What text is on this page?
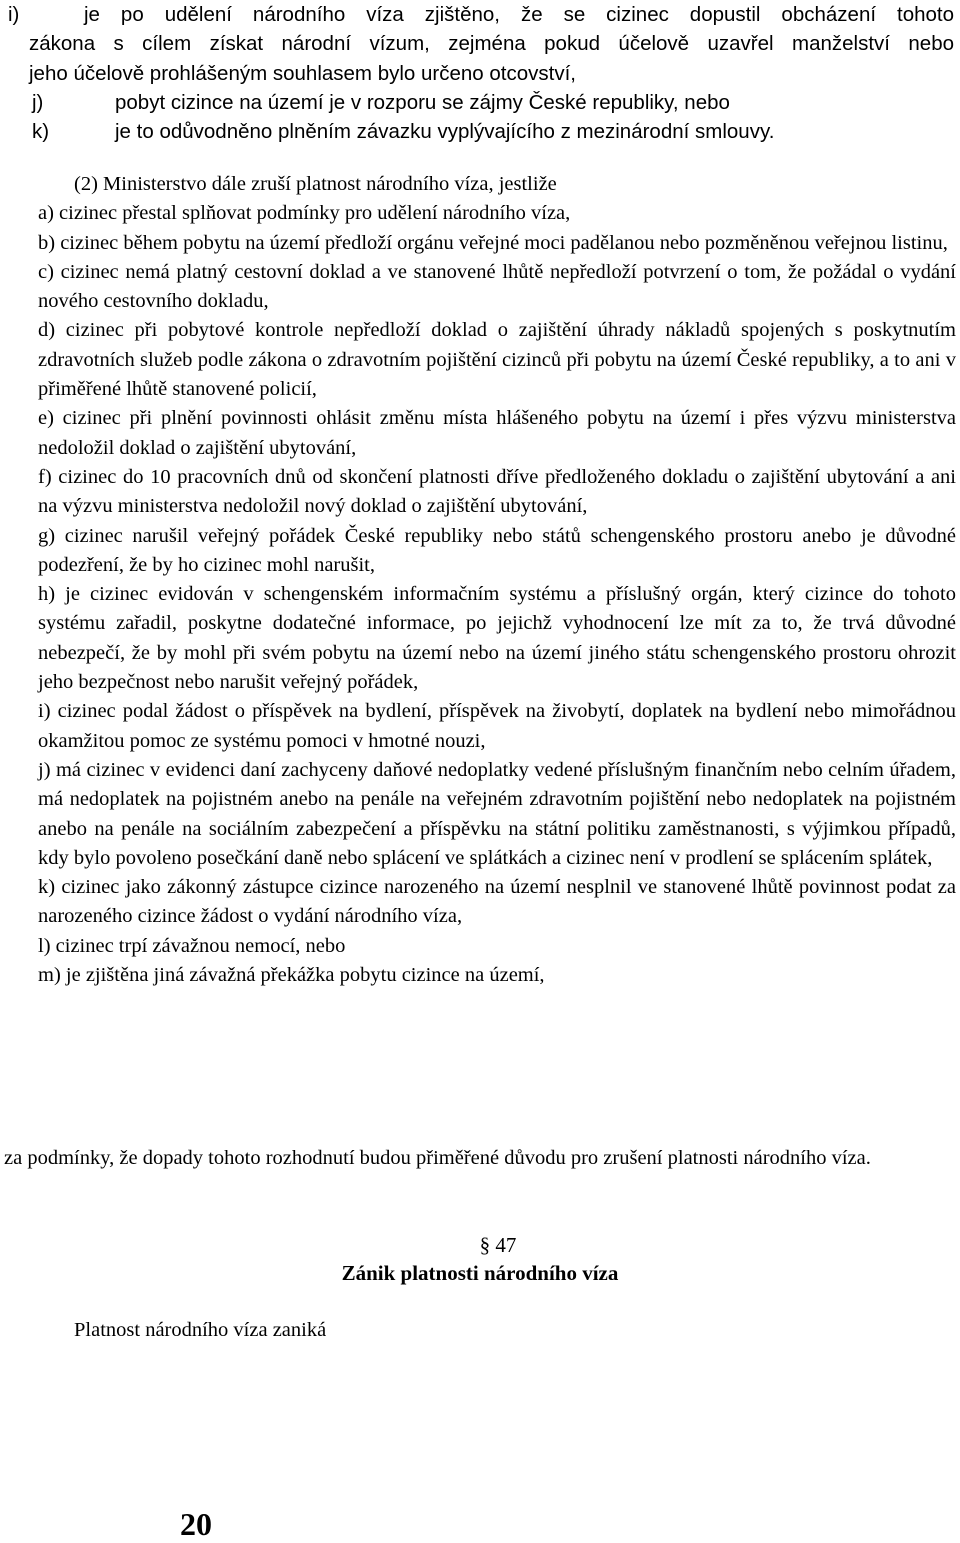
i)	je po udělení národního víza zjištěno, že se cizinec dopustil obcházení tohoto
zákona s cílem získat národní vízum, zejména pokud účelově uzavřel manželství nebo
jeho účelově prohlášeným souhlasem bylo určeno otcovství,
j)	pobyt cizince na území je v rozporu se zájmy České republiky, nebo
k)	je to odůvodněno plněním závazku vyplývajícího z mezinárodní smlouvy.
(2) Ministerstvo dále zruší platnost národního víza, jestliže
a) cizinec přestal splňovat podmínky pro udělení národního víza,
b) cizinec během pobytu na území předloží orgánu veřejné moci padělanou nebo pozměněnou veřejnou listinu,
c) cizinec nemá platný cestovní doklad a ve stanovené lhůtě nepředloží potvrzení o tom, že požádal o vydání nového cestovního dokladu,
d) cizinec při pobytové kontrole nepředloží doklad o zajištění úhrady nákladů spojených s poskytnutím zdravotních služeb podle zákona o zdravotním pojištění cizinců při pobytu na území České republiky, a to ani v přiměřené lhůtě stanovené policií,
e) cizinec při plnění povinnosti ohlásit změnu místa hlášeného pobytu na území i přes výzvu ministerstva nedoložil doklad o zajištění ubytování,
f) cizinec do 10 pracovních dnů od skončení platnosti dříve předloženého dokladu o zajištění ubytování a ani na výzvu ministerstva nedoložil nový doklad o zajištění ubytování,
g) cizinec narušil veřejný pořádek České republiky nebo států schengenského prostoru anebo je důvodné podezření, že by ho cizinec mohl narušit,
h) je cizinec evidován v schengenském informačním systému a příslušný orgán, který cizince do tohoto systému zařadil, poskytne dodatečné informace, po jejichž vyhodnocení lze mít za to, že trvá důvodné nebezpečí, že by mohl při svém pobytu na území nebo na území jiného státu schengenského prostoru ohrozit jeho bezpečnost nebo narušit veřejný pořádek,
i) cizinec podal žádost o příspěvek na bydlení, příspěvek na živobytí, doplatek na bydlení nebo mimořádnou okamžitou pomoc ze systému pomoci v hmotné nouzi,
j) má cizinec v evidenci daní zachyceny daňové nedoplatky vedené příslušným finančním nebo celním úřadem, má nedoplatek na pojistném anebo na penále na veřejném zdravotním pojištění nebo nedoplatek na pojistném anebo na penále na sociálním zabezpečení a příspěvku na státní politiku zaměstnanosti, s výjimkou případů, kdy bylo povoleno posečkání daně nebo splácení ve splátkách a cizinec není v prodlení se splácením splátek,
k) cizinec jako zákonný zástupce cizince narozeného na území nesplnil ve stanovené lhůtě povinnost podat za narozeného cizince žádost o vydání národního víza,
l) cizinec trpí závažnou nemocí, nebo
m) je zjištěna jiná závažná překážka pobytu cizince na území,
za podmínky, že dopady tohoto rozhodnutí budou přiměřené důvodu pro zrušení platnosti národního víza.
§ 47
Zánik platnosti národního víza
Platnost národního víza zaniká
20
